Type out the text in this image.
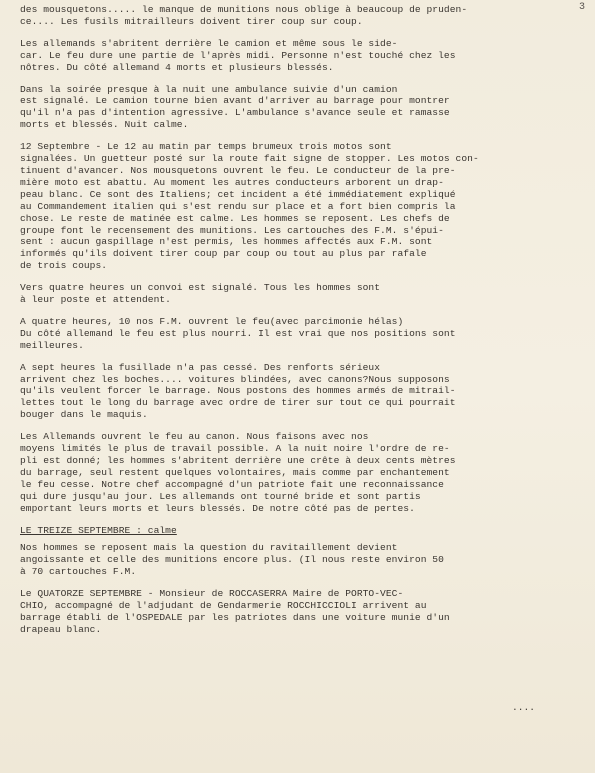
3

des mousquetons..... le manque de munitions nous oblige à beaucoup de pruden-
ce.... Les fusils mitrailleurs doivent tirer coup sur coup.

Les allemands s'abritent derrière le camion et même sous le side-
car. Le feu dure une partie de l'après midi. Personne n'est touché chez les
nôtres. Du côté allemand 4 morts et plusieurs blessés.

Dans la soirée presque à la nuit une ambulance suivie d'un camion
est signalé. Le camion tourne bien avant d'arriver au barrage pour montrer
qu'il n'a pas d'intention agressive. L'ambulance s'avance seule et ramasse
morts et blessés. Nuit calme.

12 Septembre - Le 12 au matin par temps brumeux trois motos sont
signalées. Un guetteur posté sur la route fait signe de stopper. Les motos con-
tinuent d'avancer. Nos mousquetons ouvrent le feu. Le conducteur de la pre-
mière moto est abattu. Au moment les autres conducteurs arborent un drap-
peau blanc. Ce sont des Italiens; cet incident a été immédiatement expliqué
au Commandement italien qui s'est rendu sur place et a fort bien compris la
chose. Le reste de matinée est calme. Les hommes se reposent. Les chefs de
groupe font le recensement des munitions. Les cartouches des F.M. s'épui-
sent : aucun gaspillage n'est permis, les hommes affectés aux F.M. sont
informés qu'ils doivent tirer coup par coup ou tout au plus par rafale
de trois coups.

Vers quatre heures un convoi est signalé. Tous les hommes sont
à leur poste et attendent.

A quatre heures, 10 nos F.M. ouvrent le feu(avec parcimonie hélas)
Du côté allemand le feu est plus nourri. Il est vrai que nos positions sont
meilleures.

A sept heures la fusillade n'a pas cessé. Des renforts sérieux
arrivent chez les boches.... voitures blindées, avec canons?Nous supposons
qu'ils veulent forcer le barrage. Nous postons des hommes armés de mitrail-
lettes tout le long du barrage avec ordre de tirer sur tout ce qui pourrait
bouger dans le maquis.

Les Allemands ouvrent le feu au canon. Nous faisons avec nos
moyens limités le plus de travail possible. A la nuit noire l'ordre de re-
pli est donné; les hommes s'abritent derrière une crête à deux cents mètres
du barrage, seul restent quelques volontaires, mais comme par enchantement
le feu cesse. Notre chef accompagné d'un patriote fait une reconnaissance
qui dure jusqu'au jour. Les allemands ont tourné bride et sont partis
emportant leurs morts et leurs blessés. De notre côté pas de pertes.

LE TREIZE SEPTEMBRE : calme

Nos hommes se reposent mais la question du ravitaillement devient
angoissante et celle des munitions encore plus. (Il nous reste environ 50
à 70 cartouches F.M.

Le QUATORZE SEPTEMBRE - Monsieur de ROCCASERRA Maire de PORTO-VEC-
CHIO, accompagné de l'adjudant de Gendarmerie ROCCHICCIOLI arrivent au
barrage établi de l'OSPEDALE par les patriotes dans une voiture munie d'un
drapeau blanc.

....
